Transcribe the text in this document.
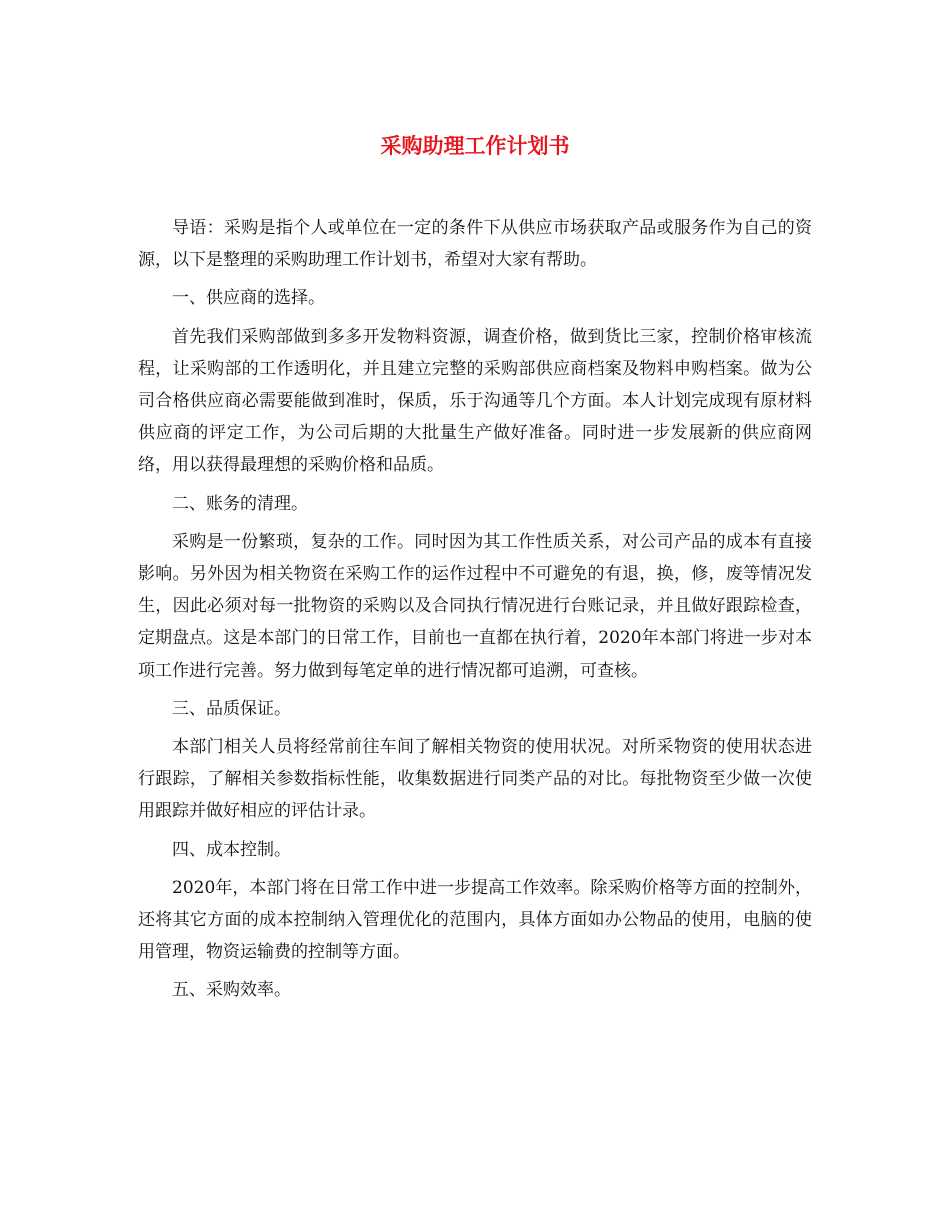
采购助理工作计划书

导语：采购是指个人或单位在一定的条件下从供应市场获取产品或服务作为自己的资源，以下是整理的采购助理工作计划书，希望对大家有帮助。

一、供应商的选择。

首先我们采购部做到多多开发物料资源，调查价格，做到货比三家，控制价格审核流程，让采购部的工作透明化，并且建立完整的采购部供应商档案及物料申购档案。做为公司合格供应商必需要能做到准时，保质，乐于沟通等几个方面。本人计划完成现有原材料供应商的评定工作，为公司后期的大批量生产做好准备。同时进一步发展新的供应商网络，用以获得最理想的采购价格和品质。

二、账务的清理。

采购是一份繁琐，复杂的工作。同时因为其工作性质关系，对公司产品的成本有直接影响。另外因为相关物资在采购工作的运作过程中不可避免的有退，换，修，废等情况发生，因此必须对每一批物资的采购以及合同执行情况进行台账记录，并且做好跟踪检查，定期盘点。这是本部门的日常工作，目前也一直都在执行着，2020年本部门将进一步对本项工作进行完善。努力做到每笔定单的进行情况都可追溯，可查核。

三、品质保证。

本部门相关人员将经常前往车间了解相关物资的使用状况。对所采物资的使用状态进行跟踪，了解相关参数指标性能，收集数据进行同类产品的对比。每批物资至少做一次使用跟踪并做好相应的评估计录。

四、成本控制。

2020年，本部门将在日常工作中进一步提高工作效率。除采购价格等方面的控制外，还将其它方面的成本控制纳入管理优化的范围内，具体方面如办公物品的使用，电脑的使用管理，物资运输费的控制等方面。

五、采购效率。
